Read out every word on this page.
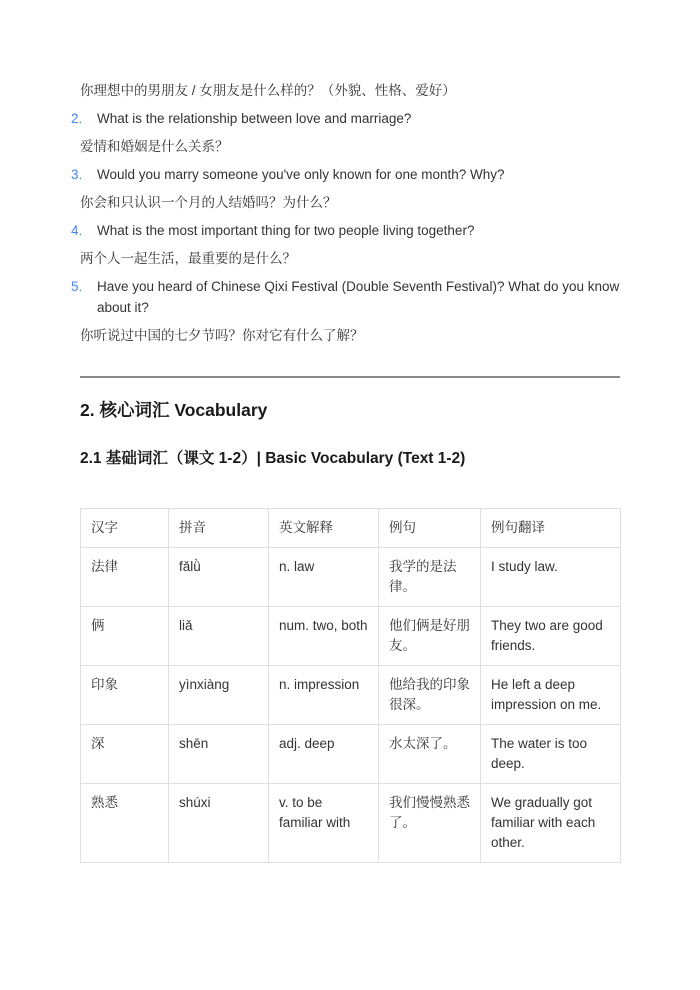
你理想中的男朋友 / 女朋友是什么样的？（外貌、性格、爱好）

2. What is the relationship between love and marriage?

爱情和婚姻是什么关系？

3. Would you marry someone you've only known for one month? Why?

你会和只认识一个月的人结婚吗？为什么？

4. What is the most important thing for two people living together?

两个人一起生活，最重要的是什么？

5. Have you heard of Chinese Qixi Festival (Double Seventh Festival)? What do you know about it?

你听说过中国的七夕节吗？你对它有什么了解？

2. 核心词汇 Vocabulary
2.1 基础词汇（课文 1-2）| Basic Vocabulary (Text 1-2)
汉字	拼音	英文解释	例句	例句翻译
法律	fǎlǜ	n. law	我学的是法律。	I study law.
俩	liǎ	num. two, both	他们俩是好朋友。	They two are good friends.
印象	yìnxiàng	n. impression	他给我的印象很深。	He left a deep impression on me.
深	shēn	adj. deep	水太深了。	The water is too deep.
熟悉	shúxi	v. to be familiar with	我们慢慢熟悉了。	We gradually got familiar with each other.
